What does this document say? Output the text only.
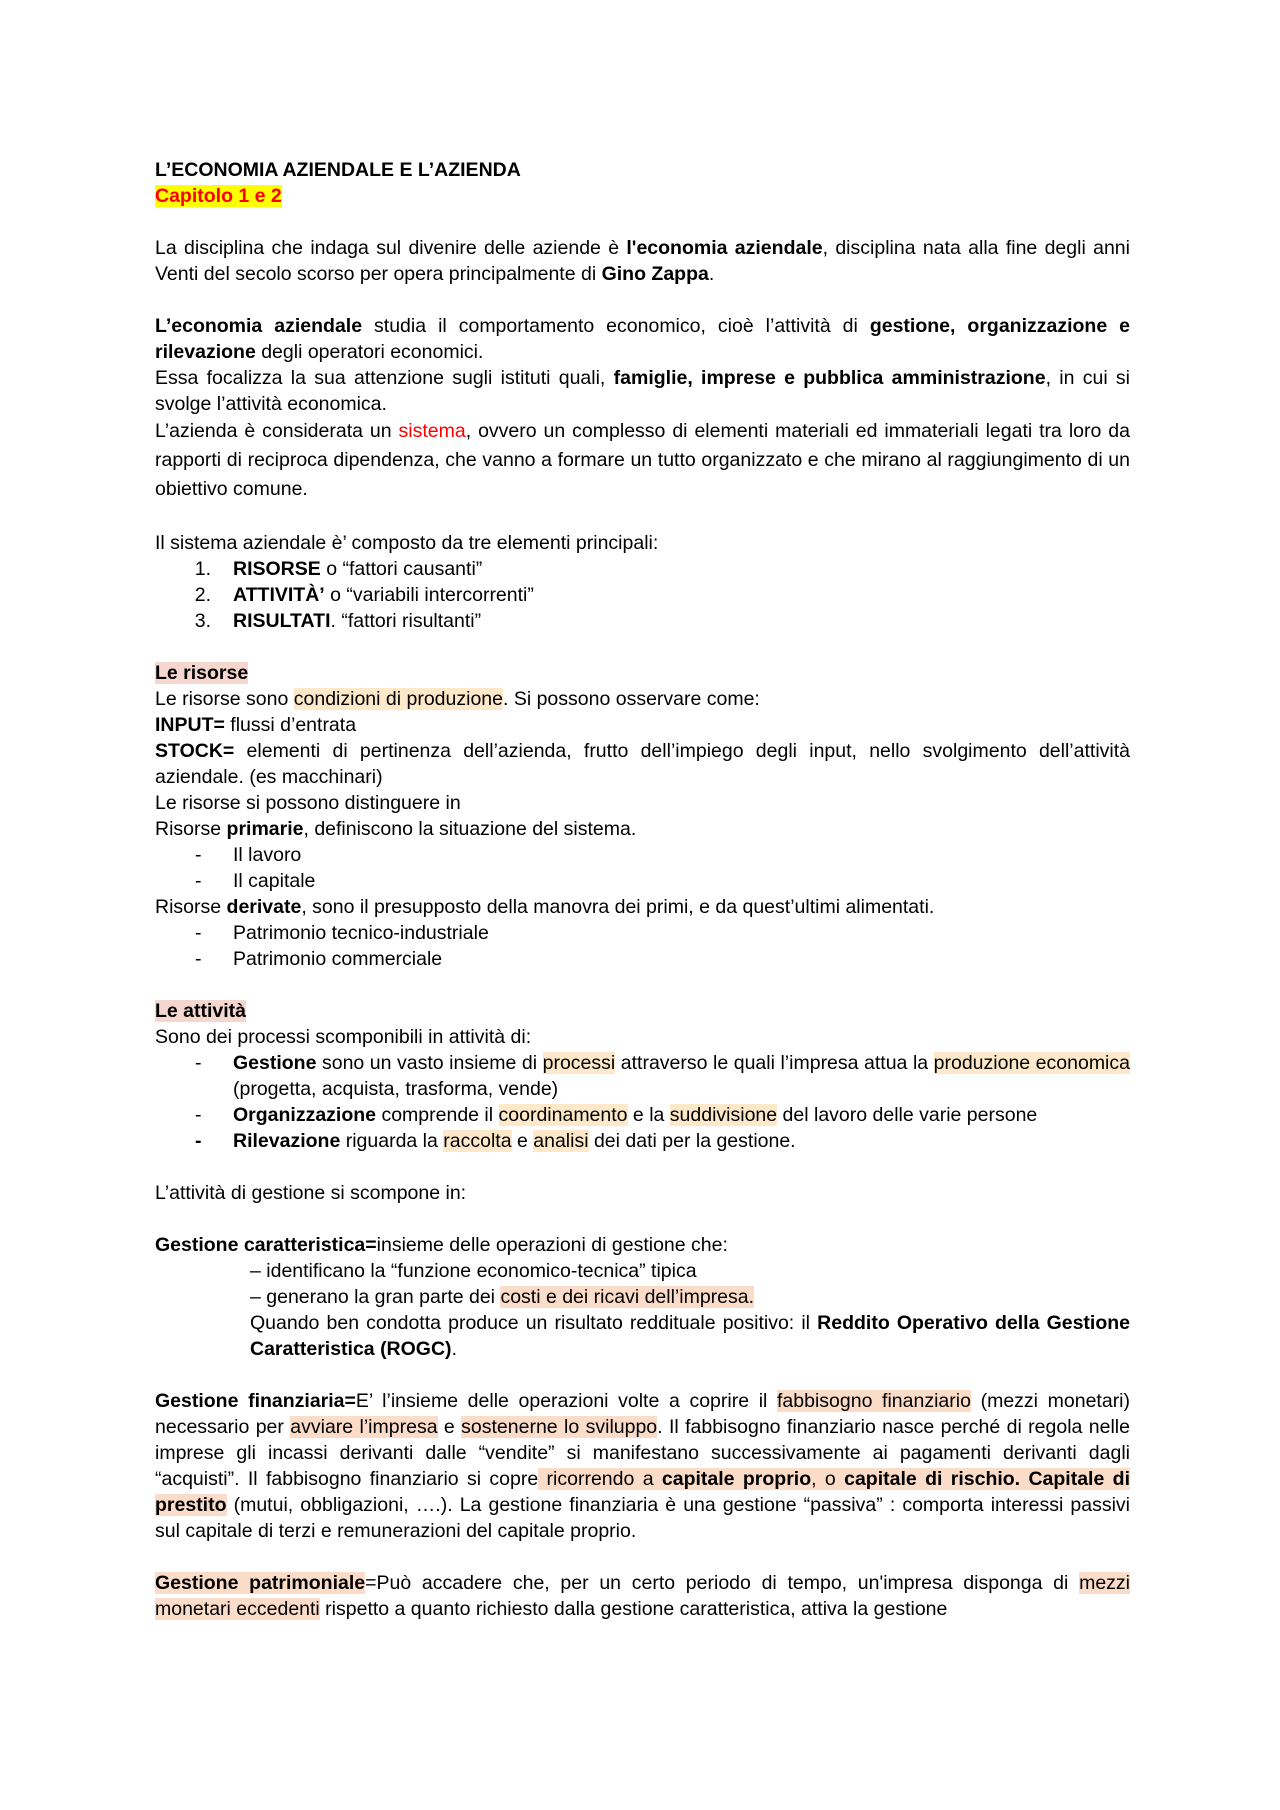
L’ECONOMIA AZIENDALE E L’AZIENDA

Capitolo 1 e 2

La disciplina che indaga sul divenire delle aziende è l'economia aziendale, disciplina nata alla fine degli anni Venti del secolo scorso per opera principalmente di Gino Zappa.

L’economia aziendale studia il comportamento economico, cioè l’attività di gestione, organizzazione e rilevazione degli operatori economici.

Essa focalizza la sua attenzione sugli istituti quali, famiglie, imprese e pubblica amministrazione, in cui si svolge l’attività economica.

L’azienda è considerata un sistema, ovvero un complesso di elementi materiali ed immateriali legati tra loro da rapporti di reciproca dipendenza, che vanno a formare un tutto organizzato e che mirano al raggiungimento di un obiettivo comune.

Il sistema aziendale è’ composto da tre elementi principali:

1.	RISORSE o “fattori causanti”
2.	ATTIVITÀ’ o “variabili intercorrenti”
3.	RISULTATI. “fattori risultanti”

Le risorse

Le risorse sono condizioni di produzione. Si possono osservare come:

INPUT= flussi d’entrata

STOCK= elementi di pertinenza dell’azienda, frutto dell’impiego degli input, nello svolgimento dell’attività aziendale. (es macchinari)

Le risorse si possono distinguere in

Risorse primarie, definiscono la situazione del sistema.

-	Il lavoro
-	Il capitale

Risorse derivate, sono il presupposto della manovra dei primi, e da quest’ultimi alimentati.

-	Patrimonio tecnico-industriale
-	Patrimonio commerciale

Le attività

Sono dei processi scomponibili in attività di:

-	Gestione sono un vasto insieme di processi attraverso le quali l’impresa attua la produzione economica (progetta, acquista, trasforma, vende)
-	Organizzazione comprende il coordinamento e la suddivisione del lavoro delle varie persone
-	Rilevazione riguarda la raccolta e analisi dei dati per la gestione.

L’attività di gestione si scompone in:

Gestione caratteristica=insieme delle operazioni di gestione che:

– identificano la “funzione economico-tecnica” tipica

– generano la gran parte dei costi e dei ricavi dell’impresa.

Quando ben condotta produce un risultato reddituale positivo: il Reddito Operativo della Gestione Caratteristica (ROGC).

Gestione finanziaria=E’ l’insieme delle operazioni volte a coprire il fabbisogno finanziario (mezzi monetari) necessario per avviare l’impresa e sostenerne lo sviluppo. Il fabbisogno finanziario nasce perché di regola nelle imprese gli incassi derivanti dalle “vendite” si manifestano successivamente ai pagamenti derivanti dagli “acquisti”. Il fabbisogno finanziario si copre ricorrendo a capitale proprio, o capitale di rischio. Capitale di prestito (mutui, obbligazioni, ….). La gestione finanziaria è una gestione “passiva” : comporta interessi passivi sul capitale di terzi e remunerazioni del capitale proprio.

Gestione patrimoniale=Può accadere che, per un certo periodo di tempo, un'impresa disponga di mezzi monetari eccedenti rispetto a quanto richiesto dalla gestione caratteristica, attiva la gestione
